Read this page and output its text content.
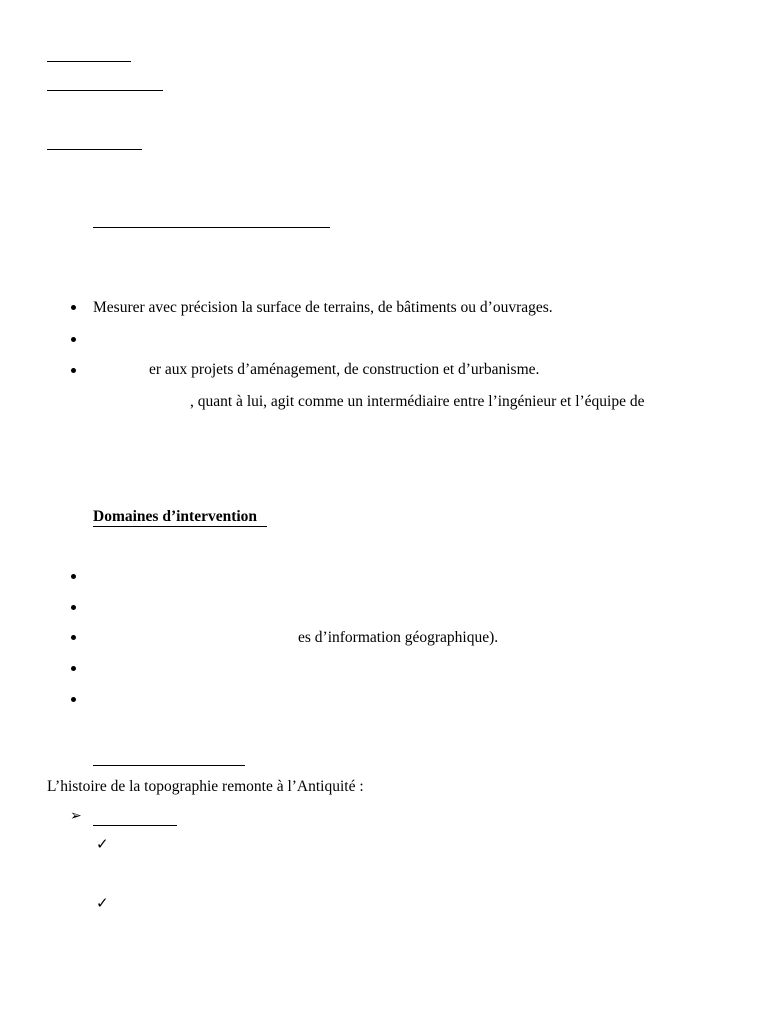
Mesurer avec précision la surface de terrains, de bâtiments ou d’ouvrages.
er aux projets d’aménagement, de construction et d’urbanisme.
, quant à lui, agit comme un intermédiaire entre l’ingénieur et l’équipe de
Domaines d’intervention
es d’information géographique).
L’histoire de la topographie remonte à l’Antiquité :
➢
✓
✓
